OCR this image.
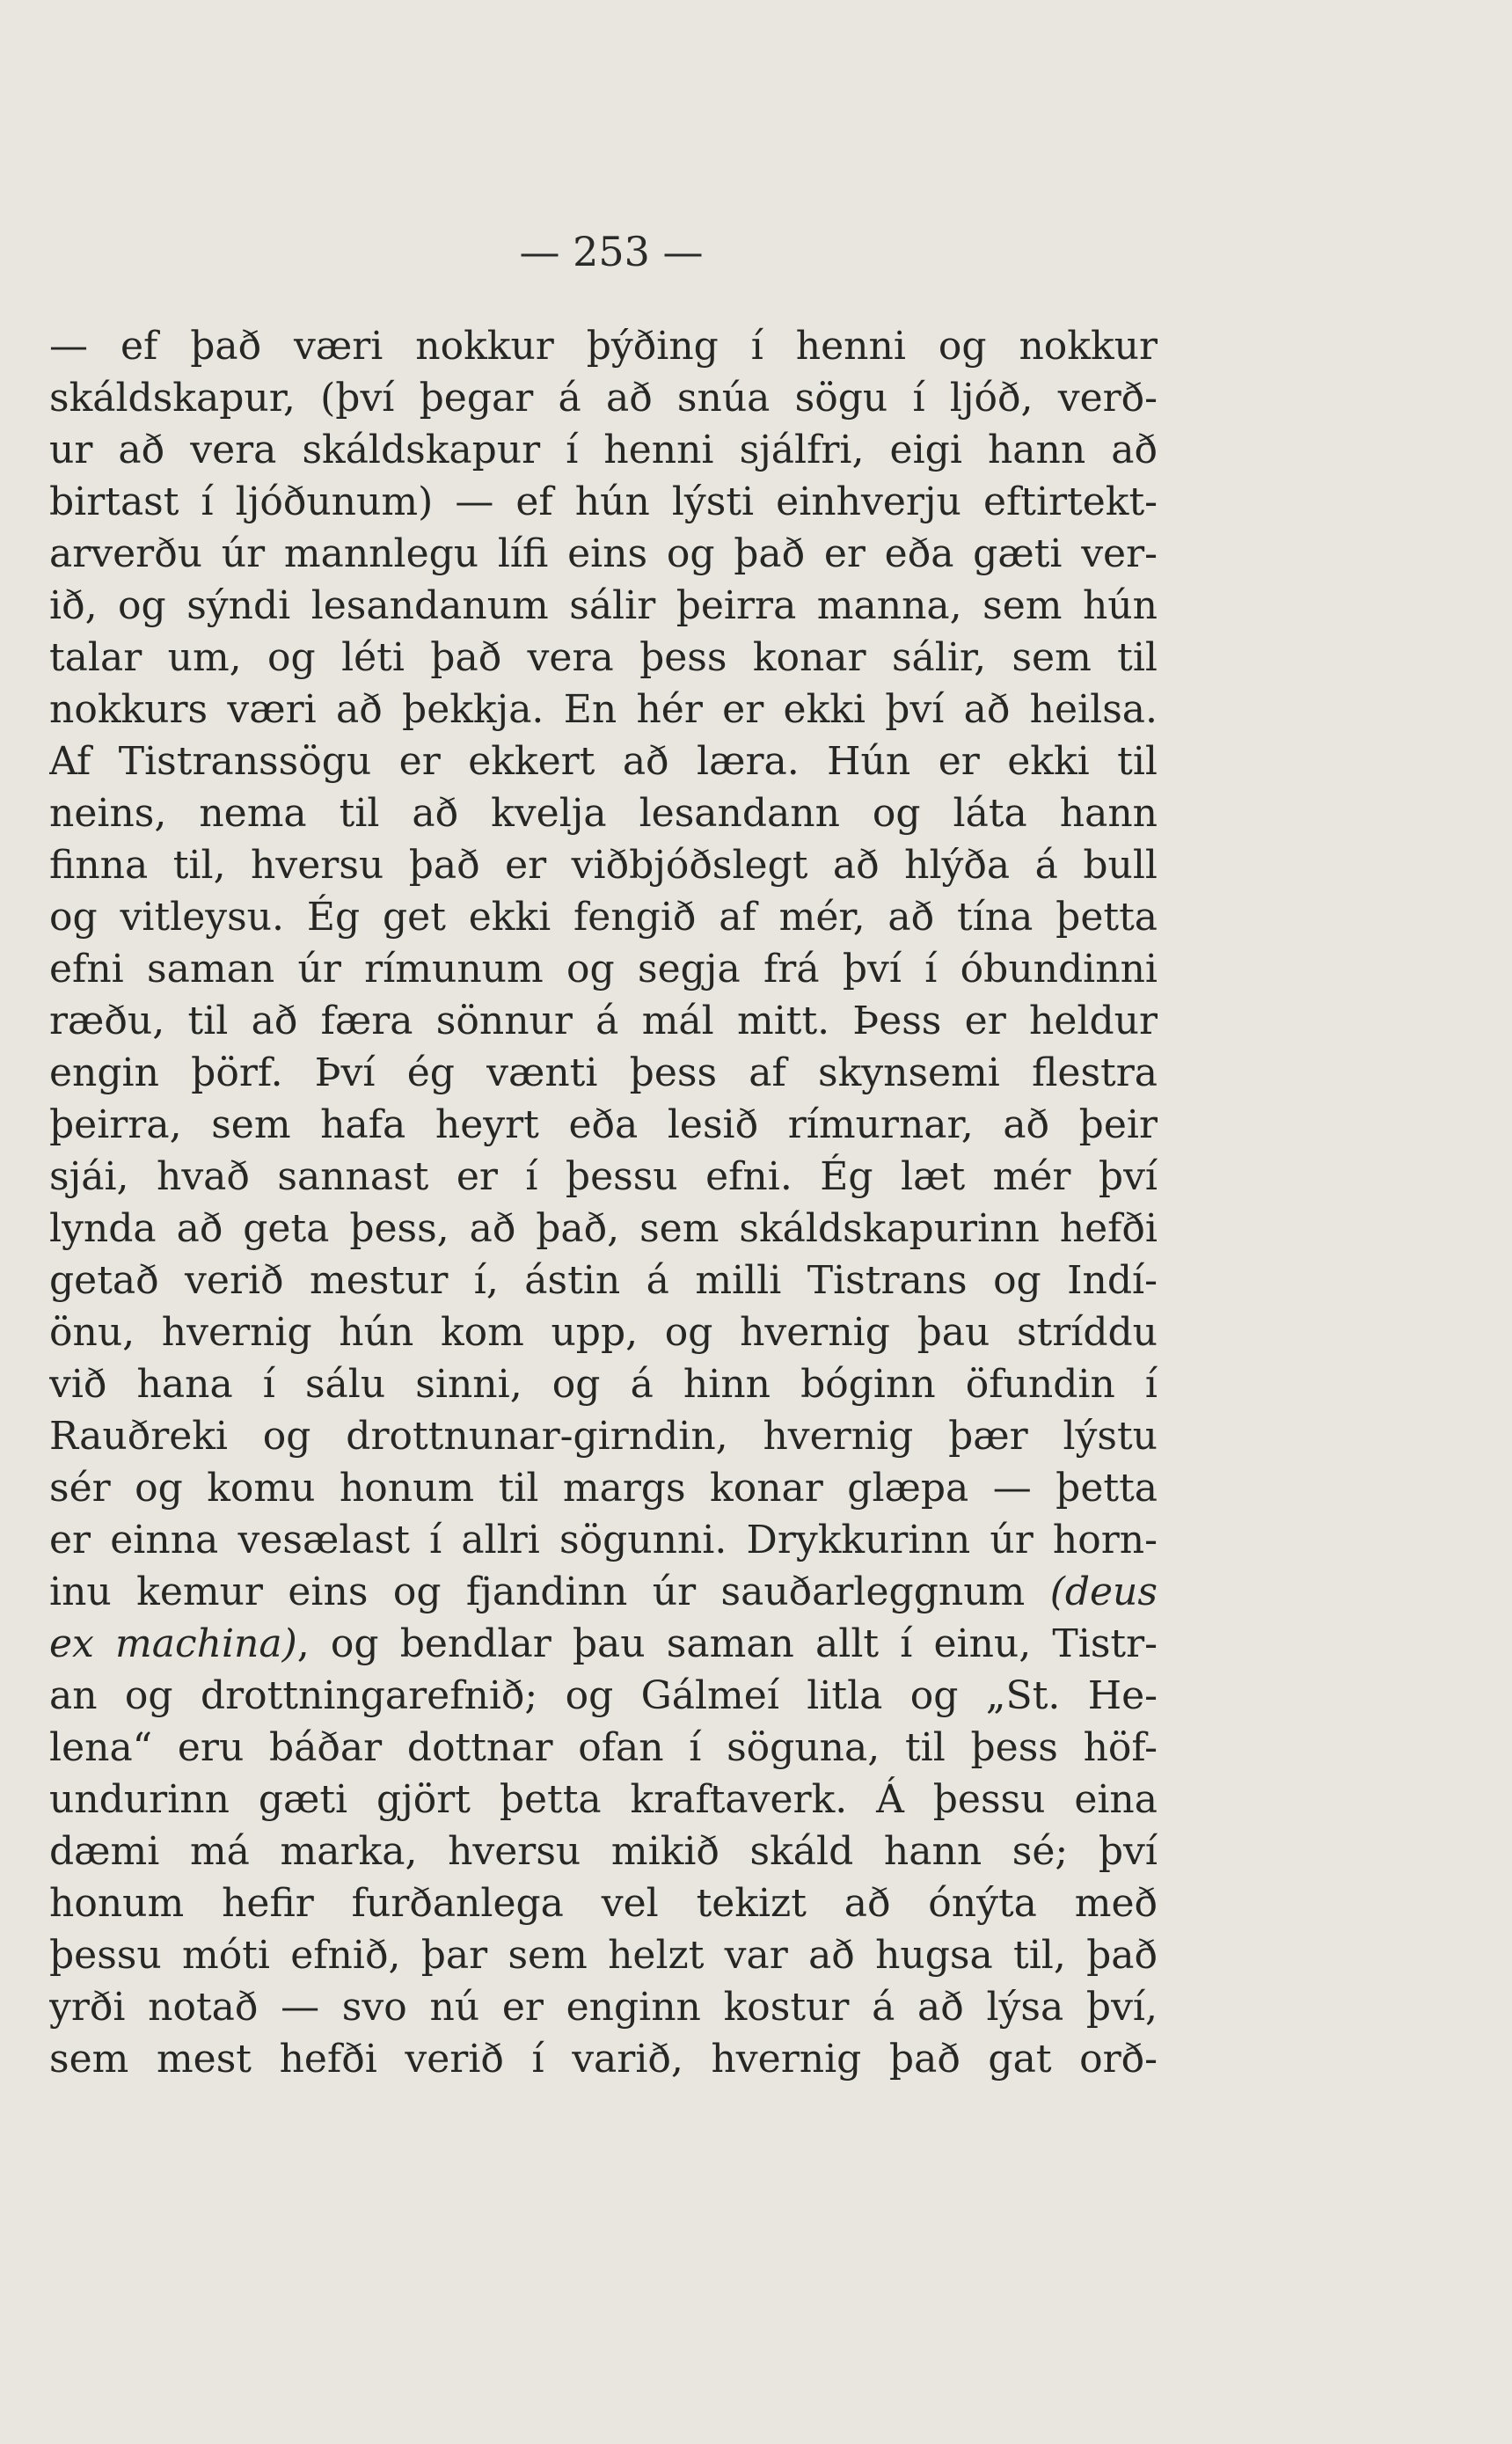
— 253 —
— ef það væri nokkur þýðing í henni og nokkur
skáldskapur, (því þegar á að snúa sögu í ljóð, verð-
ur að vera skáldskapur í henni sjálfri, eigi hann að
birtast í ljóðunum) — ef hún lýsti einhverju eftirtekt-
arverðu úr mannlegu lífi eins og það er eða gæti ver-
ið, og sýndi lesandanum sálir þeirra manna, sem hún
talar um, og léti það vera þess konar sálir, sem til
nokkurs væri að þekkja. En hér er ekki því að heilsa.
Af Tistranssögu er ekkert að læra. Hún er ekki til
neins, nema til að kvelja lesandann og láta hann
finna til, hversu það er viðbjóðslegt að hlýða á bull
og vitleysu. Ég get ekki fengið af mér, að tína þetta
efni saman úr rímunum og segja frá því í óbundinni
ræðu, til að færa sönnur á mál mitt. Þess er heldur
engin þörf. Því ég vænti þess af skynsemi flestra
þeirra, sem hafa heyrt eða lesið rímurnar, að þeir
sjái, hvað sannast er í þessu efni. Ég læt mér því
lynda að geta þess, að það, sem skáldskapurinn hefði
getað verið mestur í, ástin á milli Tistrans og Indí-
önu, hvernig hún kom upp, og hvernig þau stríddu
við hana í sálu sinni, og á hinn bóginn öfundin í
Rauðreki og drottnunar-girndin, hvernig þær lýstu
sér og komu honum til margs konar glæpa — þetta
er einna vesælast í allri sögunni. Drykkurinn úr horn-
inu kemur eins og fjandinn úr sauðarleggnum (deus
ex machina), og bendlar þau saman allt í einu, Tistr-
an og drottningarefnið; og Gálmeí litla og „St. He-
lena“ eru báðar dottnar ofan í söguna, til þess höf-
undurinn gæti gjört þetta kraftaverk. Á þessu eina
dæmi má marka, hversu mikið skáld hann sé; því
honum hefir furðanlega vel tekizt að ónýta með
þessu móti efnið, þar sem helzt var að hugsa til, það
yrði notað — svo nú er enginn kostur á að lýsa því,
sem mest hefði verið í varið, hvernig það gat orð-
